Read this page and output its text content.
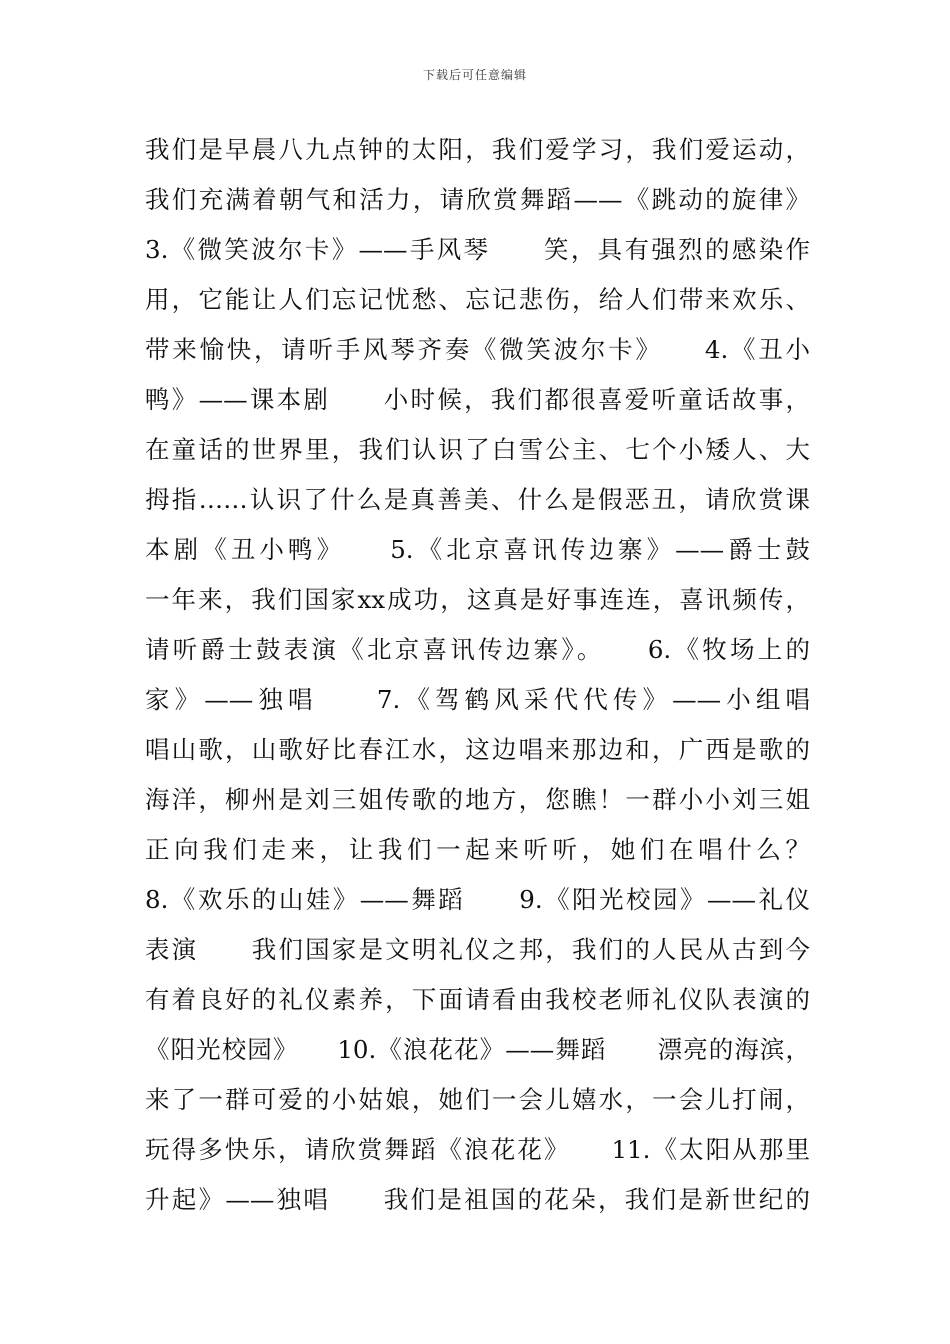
下载后可任意编辑
我们是早晨八九点钟的太阳，我们爱学习，我们爱运动，
我们充满着朝气和活力，请欣赏舞蹈——《跳动的旋律》
3.《微笑波尔卡》——手风琴　　笑，具有强烈的感染作
用，它能让人们忘记忧愁、忘记悲伤，给人们带来欢乐、
带来愉快，请听手风琴齐奏《微笑波尔卡》　　4.《丑小
鸭》——课本剧　　小时候，我们都很喜爱听童话故事，
在童话的世界里，我们认识了白雪公主、七个小矮人、大
拇指……认识了什么是真善美、什么是假恶丑，请欣赏课
本剧《丑小鸭》　　5.《北京喜讯传边寨》——爵士鼓
一年来，我们国家xx成功，这真是好事连连，喜讯频传，
请听爵士鼓表演《北京喜讯传边寨》。　　6.《牧场上的
家》——独唱　　7.《驾鹤风采代代传》——小组唱
唱山歌，山歌好比春江水，这边唱来那边和，广西是歌的
海洋，柳州是刘三姐传歌的地方，您瞧！一群小小刘三姐
正向我们走来，让我们一起来听听，她们在唱什么？
8.《欢乐的山娃》——舞蹈　　9.《阳光校园》——礼仪
表演　　我们国家是文明礼仪之邦，我们的人民从古到今
有着良好的礼仪素养，下面请看由我校老师礼仪队表演的
《阳光校园》　　10.《浪花花》——舞蹈　　漂亮的海滨，
来了一群可爱的小姑娘，她们一会儿嬉水，一会儿打闹，
玩得多快乐，请欣赏舞蹈《浪花花》　　11.《太阳从那里
升起》——独唱　　我们是祖国的花朵，我们是新世纪的
